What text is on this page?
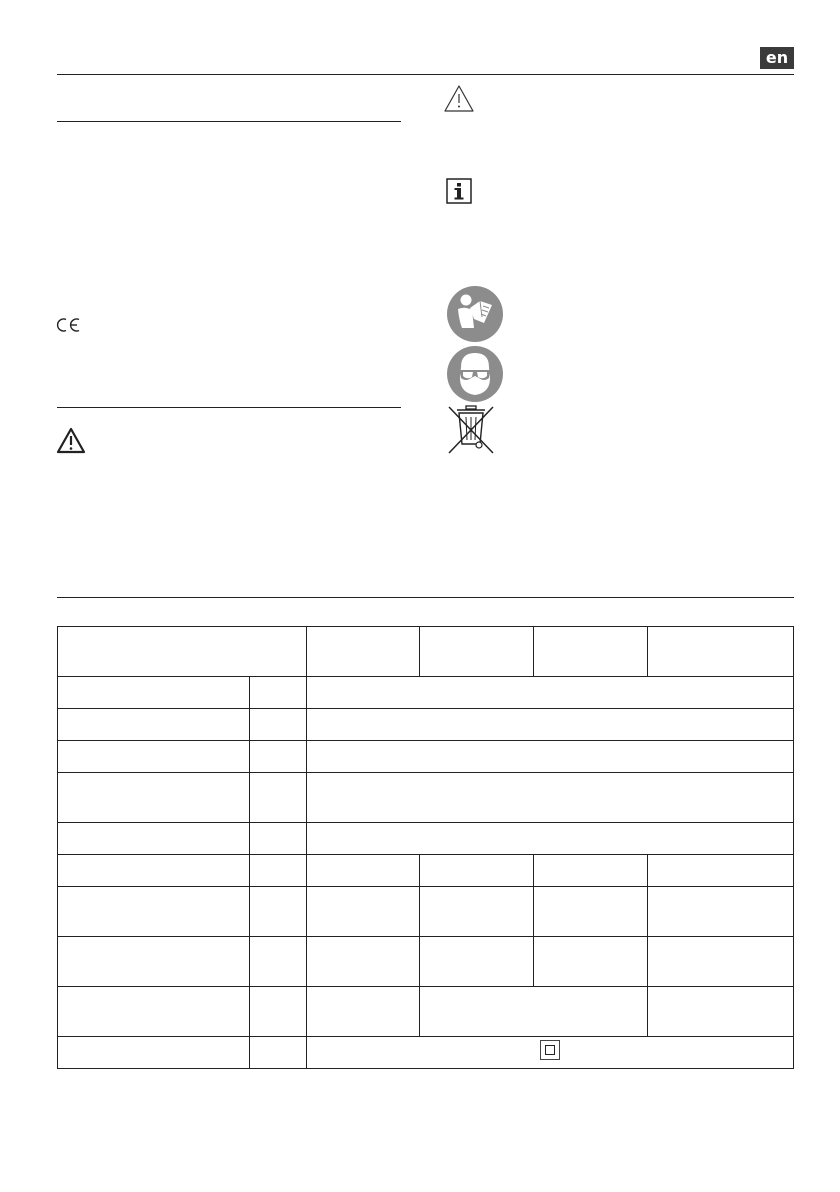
en
